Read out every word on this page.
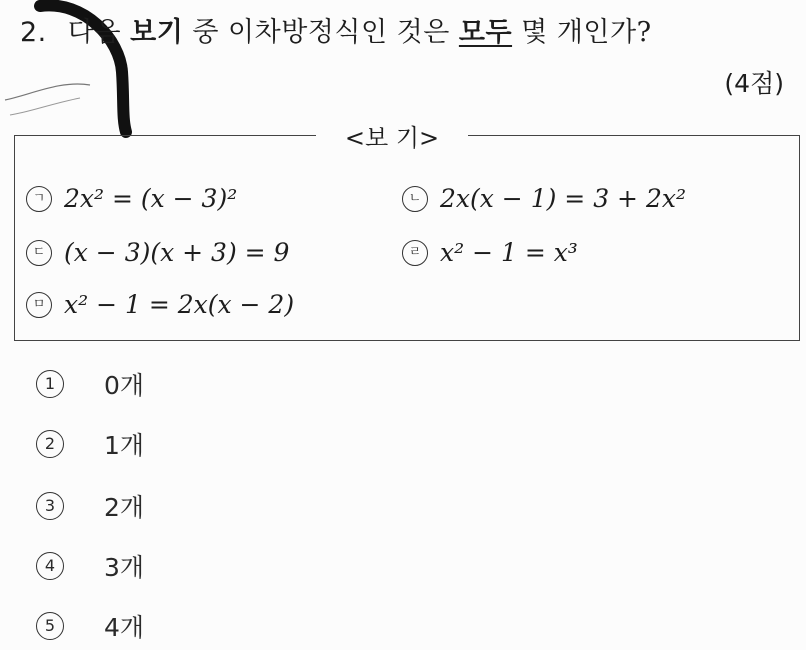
2. 다음 보기 중 이차방정식인 것은 모두 몇 개인가?
(4점)
<보 기>
ㄱ 2x² = (x − 3)²	ㄴ 2x(x − 1) = 3 + 2x²
ㄷ (x − 3)(x + 3) = 9	ㄹ x² − 1 = x³
ㅁ x² − 1 = 2x(x − 2)
1	0개
2	1개
3	2개
4	3개
5	4개
